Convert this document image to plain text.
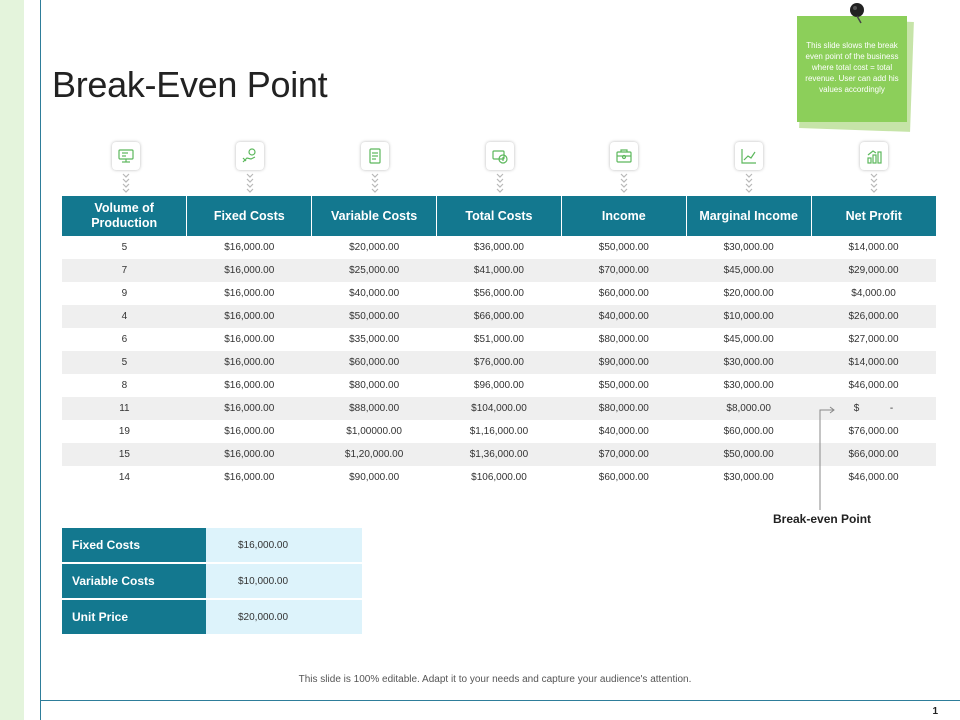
Break-Even Point
This slide slows the break even point of the business where total cost = total revenue. User can add his values accordingly
Volume of Production	Fixed Costs	Variable Costs	Total Costs	Income	Marginal Income	Net Profit
5	$16,000.00	$20,000.00	$36,000.00	$50,000.00	$30,000.00	$14,000.00
7	$16,000.00	$25,000.00	$41,000.00	$70,000.00	$45,000.00	$29,000.00
9	$16,000.00	$40,000.00	$56,000.00	$60,000.00	$20,000.00	$4,000.00
4	$16,000.00	$50,000.00	$66,000.00	$40,000.00	$10,000.00	$26,000.00
6	$16,000.00	$35,000.00	$51,000.00	$80,000.00	$45,000.00	$27,000.00
5	$16,000.00	$60,000.00	$76,000.00	$90,000.00	$30,000.00	$14,000.00
8	$16,000.00	$80,000.00	$96,000.00	$50,000.00	$30,000.00	$46,000.00
11	$16,000.00	$88,000.00	$104,000.00	$80,000.00	$8,000.00	$           -
19	$16,000.00	$1,00000.00	$1,16,000.00	$40,000.00	$60,000.00	$76,000.00
15	$16,000.00	$1,20,000.00	$1,36,000.00	$70,000.00	$50,000.00	$66,000.00
14	$16,000.00	$90,000.00	$106,000.00	$60,000.00	$30,000.00	$46,000.00
Break-even Point
Fixed Costs	$16,000.00
Variable Costs	$10,000.00
Unit Price	$20,000.00
This slide is 100% editable. Adapt it to your needs and capture your audience's attention.
1
